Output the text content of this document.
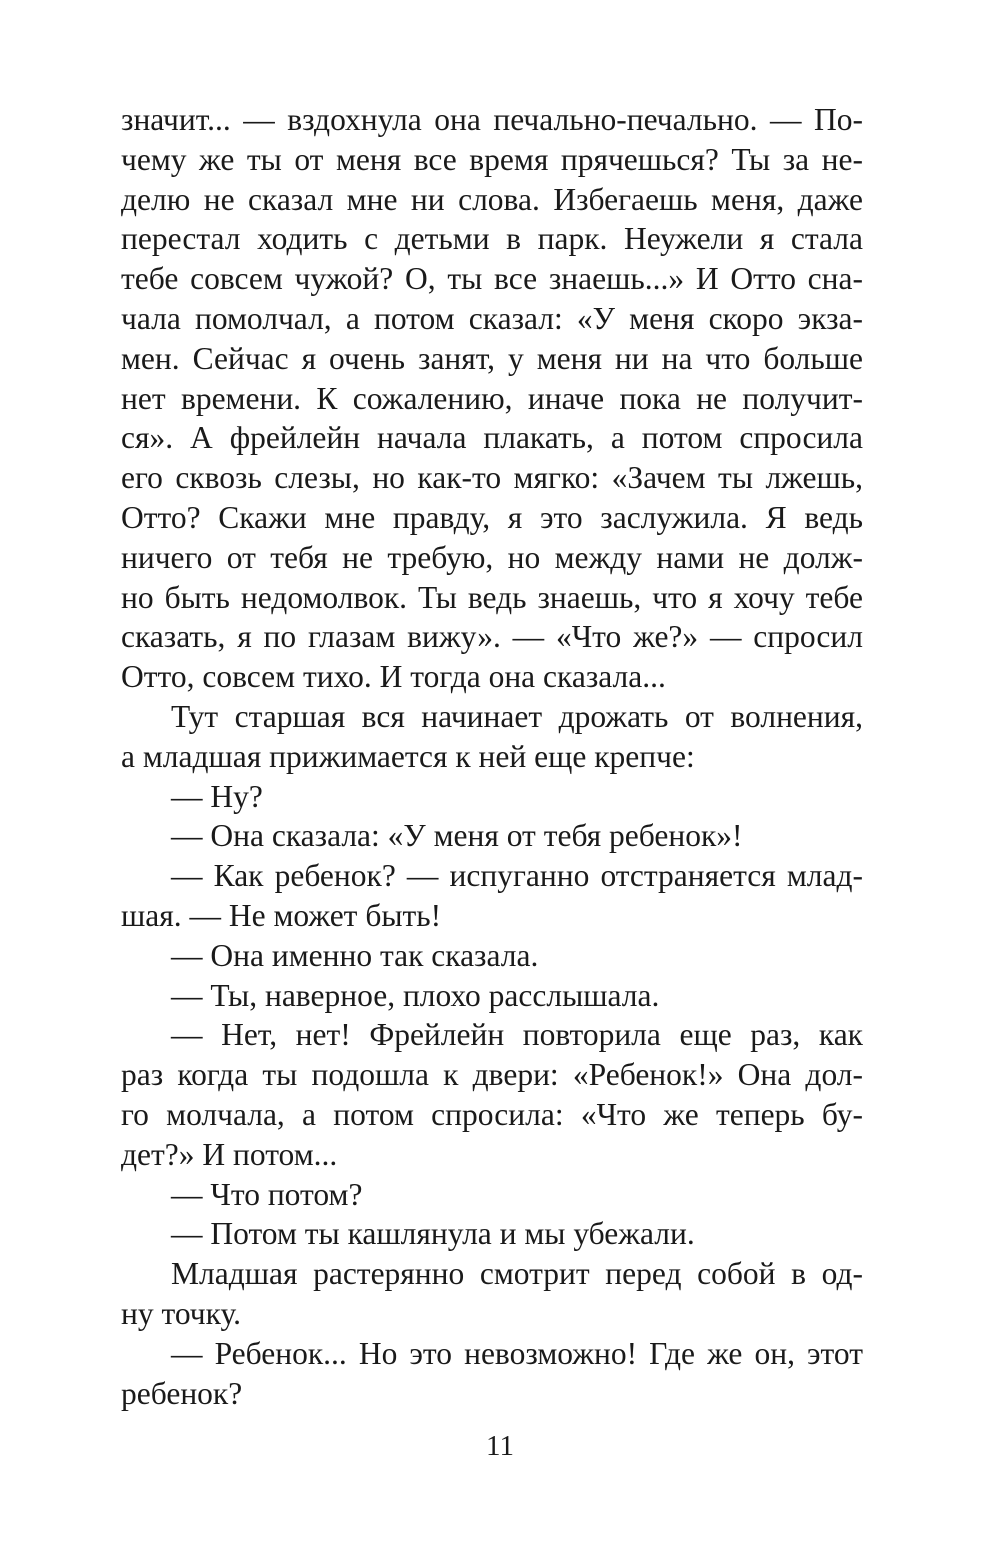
значит... — вздохнула она печально-печально. — По-
чему же ты от меня все время прячешься? Ты за не-
делю не сказал мне ни слова. Избегаешь меня, даже
перестал ходить с детьми в парк. Неужели я стала
тебе совсем чужой? О, ты все знаешь...» И Отто сна-
чала помолчал, а потом сказал: «У меня скоро экза-
мен. Сейчас я очень занят, у меня ни на что больше
нет времени. К сожалению, иначе пока не получит-
ся». А фрейлейн начала плакать, а потом спросила
его сквозь слезы, но как-то мягко: «Зачем ты лжешь,
Отто? Скажи мне правду, я это заслужила. Я ведь
ничего от тебя не требую, но между нами не долж-
но быть недомолвок. Ты ведь знаешь, что я хочу тебе
сказать, я по глазам вижу». — «Что же?» — спросил
Отто, совсем тихо. И тогда она сказала...
Тут старшая вся начинает дрожать от волнения,
а младшая прижимается к ней еще крепче:
— Ну?
— Она сказала: «У меня от тебя ребенок»!
— Как ребенок? — испуганно отстраняется млад-
шая. — Не может быть!
— Она именно так сказала.
— Ты, наверное, плохо расслышала.
— Нет, нет! Фрейлейн повторила еще раз, как
раз когда ты подошла к двери: «Ребенок!» Она дол-
го молчала, а потом спросила: «Что же теперь бу-
дет?» И потом...
— Что потом?
— Потом ты кашлянула и мы убежали.
Младшая растерянно смотрит перед собой в од-
ну точку.
— Ребенок... Но это невозможно! Где же он, этот
ребенок?
11
